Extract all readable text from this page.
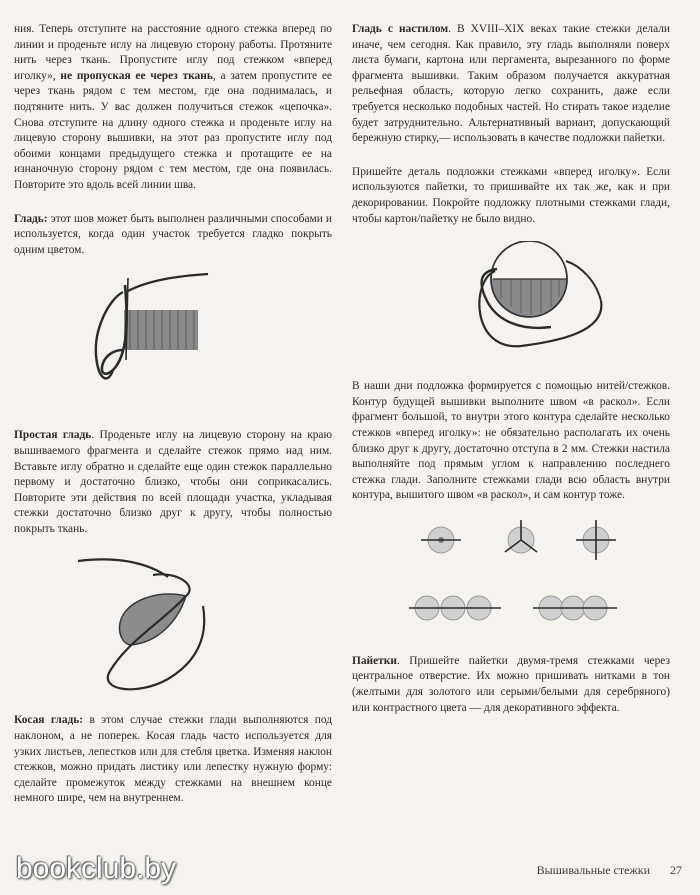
ния. Теперь отступите на расстояние одного стежка вперед по линии и проденьте иглу на лицевую сторону работы. Протяните нить через ткань. Пропустите иглу под стежком «вперед иголку», не пропуская ее через ткань, а затем пропустите ее через ткань рядом с тем местом, где она поднималась, и подтяните нить. У вас должен получиться стежок «цепочка». Снова отступите на длину одного стежка и проденьте иглу на лицевую сторону вышивки, на этот раз пропустите иглу под обоими концами предыдущего стежка и протащите ее на изнаночную сторону рядом с тем местом, где она появилась. Повторите это вдоль всей линии шва.

Гладь: этот шов может быть выполнен различными способами и используется, когда один участок требуется гладко покрыть одним цветом.

Простая гладь. Проденьте иглу на лицевую сторону на краю вышиваемого фрагмента и сделайте стежок прямо над ним. Вставьте иглу обратно и сделайте еще один стежок параллельно первому и достаточно близко, чтобы они соприкасались. Повторите эти действия по всей площади участка, укладывая стежки достаточно близко друг к другу, чтобы полностью покрыть ткань.

Косая гладь: в этом случае стежки глади выполняются под наклоном, а не поперек. Косая гладь часто используется для узких листьев, лепестков или для стебля цветка. Изменяя наклон стежков, можно придать листику или лепестку нужную форму: сделайте промежуток между стежками на внешнем конце немного шире, чем на внутреннем.

Гладь с настилом. В XVIII–XIX веках такие стежки делали иначе, чем сегодня. Как правило, эту гладь выполняли поверх листа бумаги, картона или пергамента, вырезанного по форме фрагмента вышивки. Таким образом получается аккуратная рельефная область, которую легко сохранить, даже если требуется несколько подобных частей. Но стирать такое изделие будет затруднительно. Альтернативный вариант, допускающий бережную стирку,— использовать в качестве подложки пайетки.

Пришейте деталь подложки стежками «вперед иголку». Если используются пайетки, то пришивайте их так же, как и при декорировании. Покройте подложку плотными стежками глади, чтобы картон/пайетку не было видно.

В наши дни подложка формируется с помощью нитей/стежков. Контур будущей вышивки выполните швом «в раскол». Если фрагмент большой, то внутри этого контура сделайте несколько стежков «вперед иголку»: не обязательно располагать их очень близко друг к другу, достаточно отступа в 2 мм. Стежки настила выполняйте под прямым углом к направлению последнего стежка глади. Заполните стежками глади всю область внутри контура, вышитого швом «в раскол», и сам контур тоже.

Пайетки. Пришейте пайетки двумя-тремя стежками через центральное отверстие. Их можно пришивать нитками в тон (желтыми для золотого или серыми/белыми для серебряного) или контрастного цвета — для декоративного эффекта.

bookclub.by	Вышивальные стежки 27
